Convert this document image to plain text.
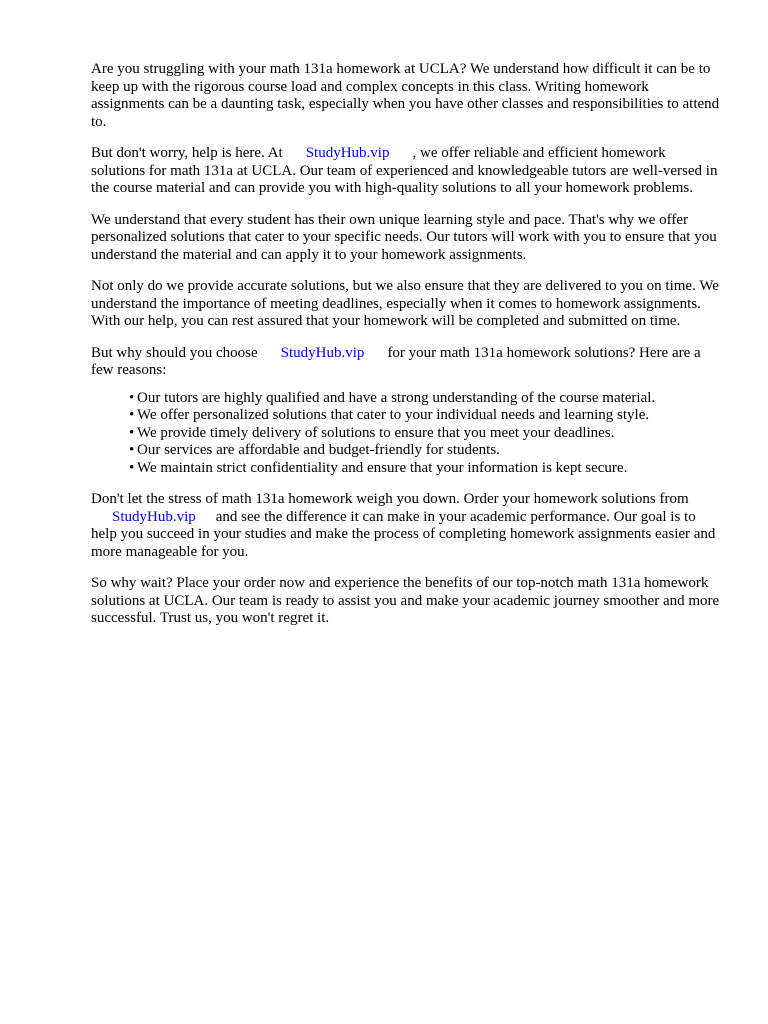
Are you struggling with your math 131a homework at UCLA? We understand how difficult it can be to keep up with the rigorous course load and complex concepts in this class. Writing homework assignments can be a daunting task, especially when you have other classes and responsibilities to attend to.

But don't worry, help is here. At StudyHub.vip , we offer reliable and efficient homework solutions for math 131a at UCLA. Our team of experienced and knowledgeable tutors are well-versed in the course material and can provide you with high-quality solutions to all your homework problems.

We understand that every student has their own unique learning style and pace. That's why we offer personalized solutions that cater to your specific needs. Our tutors will work with you to ensure that you understand the material and can apply it to your homework assignments.

Not only do we provide accurate solutions, but we also ensure that they are delivered to you on time. We understand the importance of meeting deadlines, especially when it comes to homework assignments. With our help, you can rest assured that your homework will be completed and submitted on time.

But why should you choose StudyHub.vip for your math 131a homework solutions? Here are a few reasons:

• Our tutors are highly qualified and have a strong understanding of the course material.
• We offer personalized solutions that cater to your individual needs and learning style.
• We provide timely delivery of solutions to ensure that you meet your deadlines.
• Our services are affordable and budget-friendly for students.
• We maintain strict confidentiality and ensure that your information is kept secure.

Don't let the stress of math 131a homework weigh you down. Order your homework solutions from
StudyHub.vip and see the difference it can make in your academic performance. Our goal is to help you succeed in your studies and make the process of completing homework assignments easier and more manageable for you.

So why wait? Place your order now and experience the benefits of our top-notch math 131a homework solutions at UCLA. Our team is ready to assist you and make your academic journey smoother and more successful. Trust us, you won't regret it.
